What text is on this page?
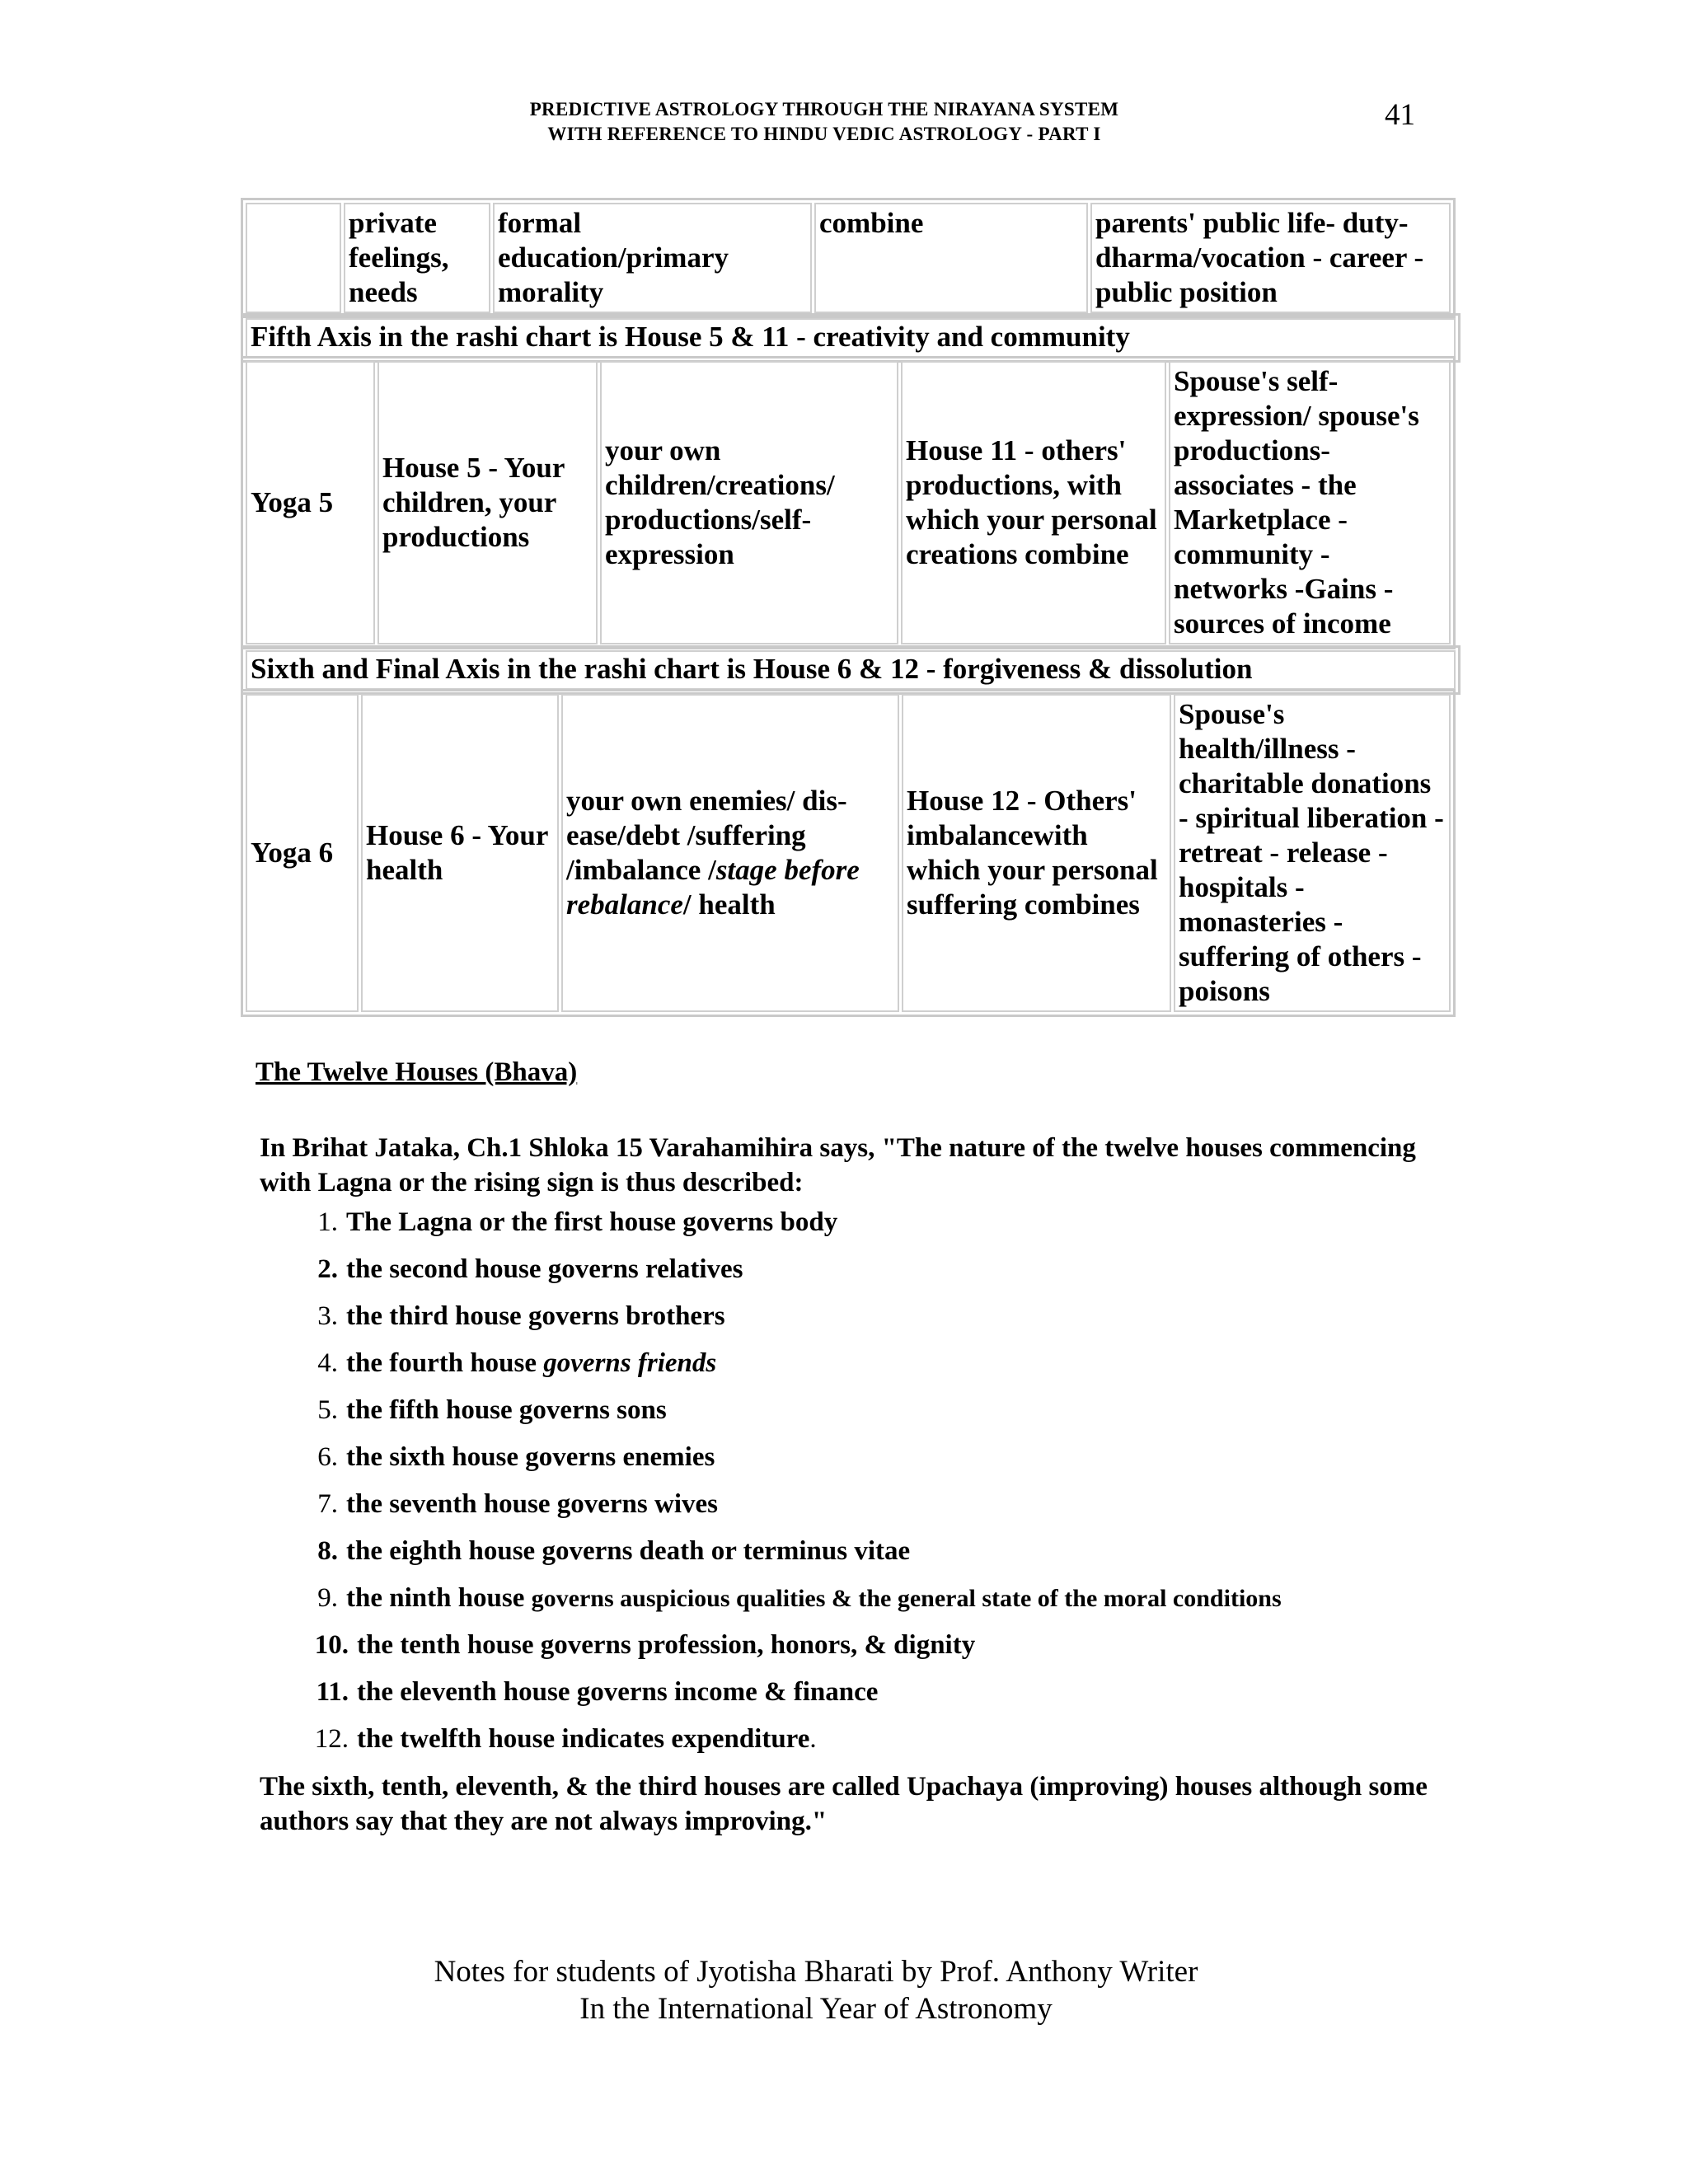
PREDICTIVE ASTROLOGY THROUGH THE NIRAYANA SYSTEM
WITH REFERENCE TO HINDU VEDIC ASTROLOGY - PART I
41
	private feelings, needs	formal education/primary morality	combine	parents' public life- duty-dharma/vocation - career - public position
Fifth Axis in the rashi chart is House 5 & 11 - creativity and community
Yoga 5	House 5 - Your children, your productions	your own children/creations/ productions/self-expression	House 11 - others' productions, with which your personal creations combine	Spouse's self-expression/ spouse's productions- associates - the Marketplace - community - networks -Gains - sources of income
Sixth and Final Axis in the rashi chart is House 6 & 12 - forgiveness & dissolution
Yoga 6	House 6 - Your health	your own enemies/ dis-ease/debt /suffering /imbalance /stage before rebalance/ health	House 12 - Others' imbalancewith which your personal suffering combines	Spouse's health/illness - charitable donations - spiritual liberation - retreat - release - hospitals - monasteries - suffering of others - poisons
The Twelve Houses (Bhava)
In Brihat Jataka, Ch.1 Shloka 15 Varahamihira says, "The nature of the twelve houses commencing with Lagna or the rising sign is thus described:
1. The Lagna or the first house governs body
2. the second house governs relatives
3. the third house governs brothers
4. the fourth house governs friends
5. the fifth house governs sons
6. the sixth house governs enemies
7. the seventh house governs wives
8. the eighth house governs death or terminus vitae
9. the ninth house governs auspicious qualities & the general state of the moral conditions
10. the tenth house governs profession, honors, & dignity
11. the eleventh house governs income & finance
12. the twelfth house indicates expenditure.
The sixth, tenth, eleventh, & the third houses are called Upachaya (improving) houses although some authors say that they are not always improving."
Notes for students of Jyotisha Bharati by Prof. Anthony Writer
In the International Year of Astronomy
